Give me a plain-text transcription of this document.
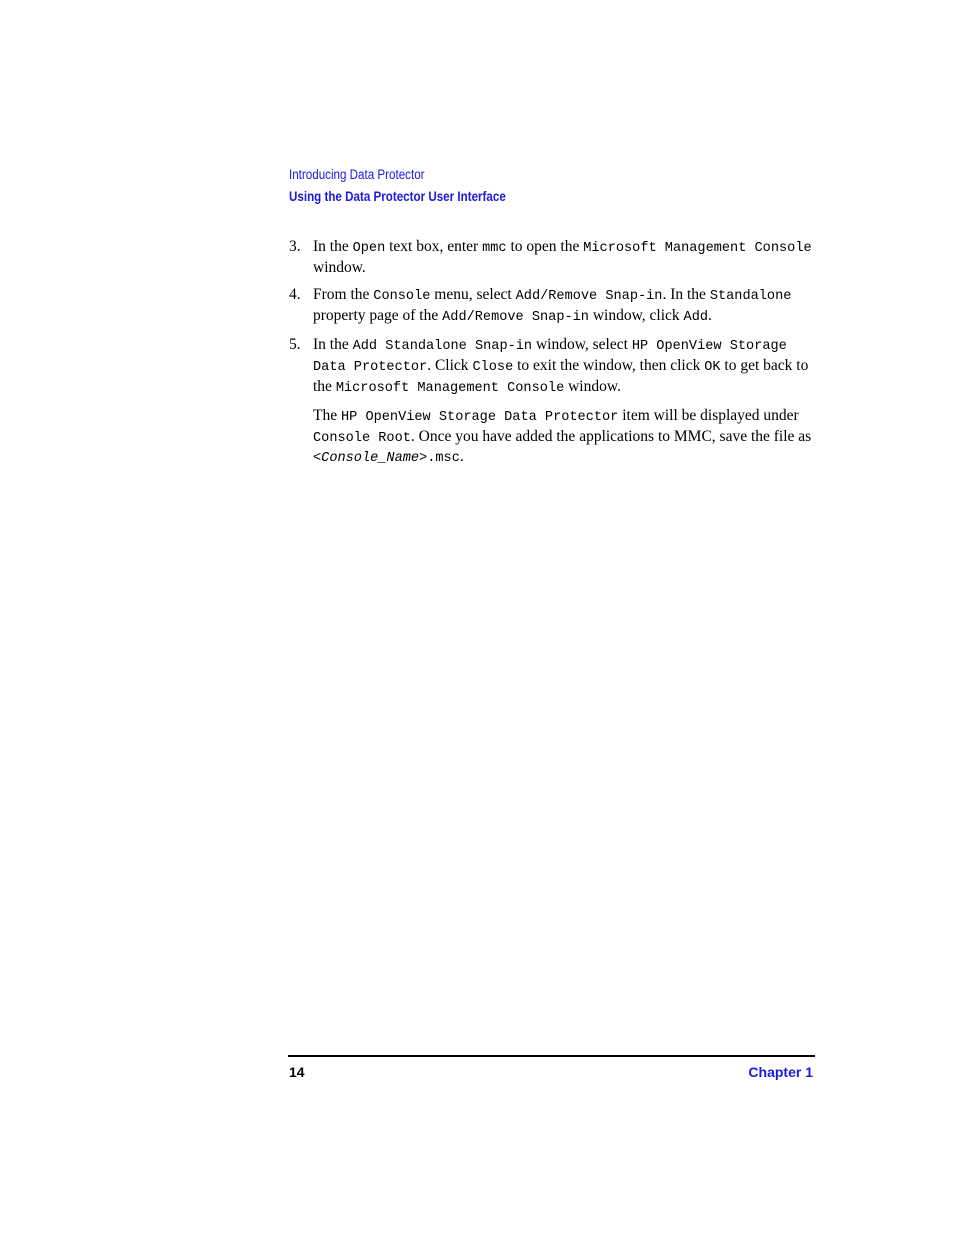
Introducing Data Protector
Using the Data Protector User Interface
3. In the Open text box, enter mmc to open the Microsoft Management Console window.

4. From the Console menu, select Add/Remove Snap-in. In the Standalone property page of the Add/Remove Snap-in window, click Add.

5. In the Add Standalone Snap-in window, select HP OpenView Storage Data Protector. Click Close to exit the window, then click OK to get back to the Microsoft Management Console window.

The HP OpenView Storage Data Protector item will be displayed under Console Root. Once you have added the applications to MMC, save the file as <Console_Name>.msc.

14	Chapter 1
